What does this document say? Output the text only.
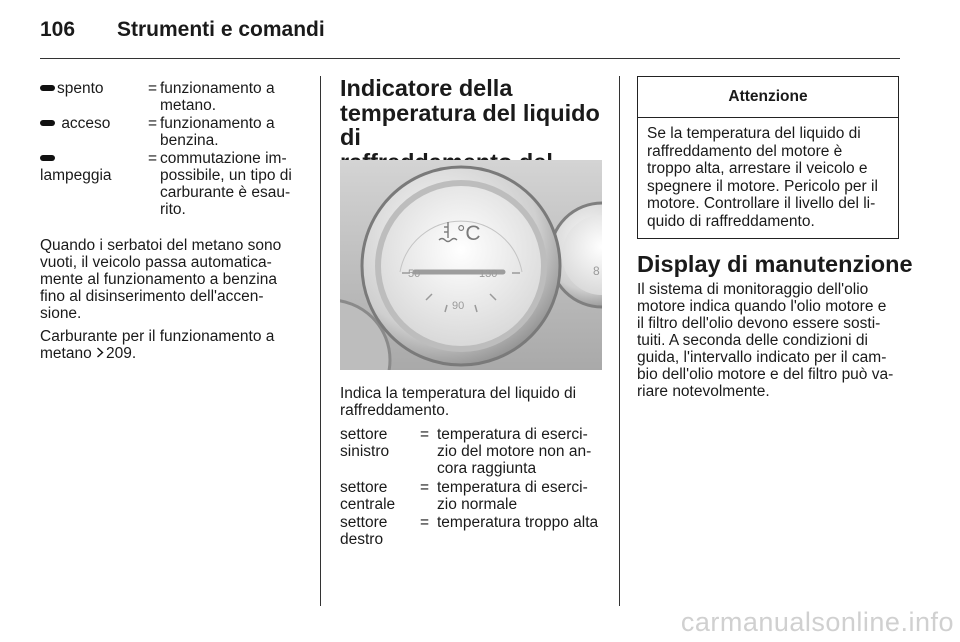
106 Strumenti e comandi
spento	= funzionamento a
metano.
acceso = funzionamento a
benzina.
lampeggia
= commutazione im-
possibile, un tipo di
carburante è esau-
rito.

Quando i serbatoi del metano sono
vuoti, il veicolo passa automatica-
mente al funzionamento a benzina
fino al disinserimento dell'accen-
sione.

Carburante per il funzionamento a
metano 209.

Indicatore della
temperatura del liquido di
8
°C
50
90
130

Indica la temperatura del liquido di
raffreddamento.

settore
sinistro
= temperatura di eserci-
zio del motore non an-
cora raggiunta
settore
centrale
= temperatura di eserci-
zio normale
settore
destro
= temperatura troppo alta
Attenzione
Se la temperatura del liquido di
raffreddamento del motore è
troppo alta, arrestare il veicolo e
spegnere il motore. Pericolo per il
motore. Controllare il livello del li-
quido di raffreddamento.
Display di manutenzione

Il sistema di monitoraggio dell'olio
motore indica quando l'olio motore e
il filtro dell'olio devono essere sosti-
tuiti. A seconda delle condizioni di
guida, l'intervallo indicato per il cam-
bio dell'olio motore e del filtro può va-
riare notevolmente.

carmanualsonline.info
